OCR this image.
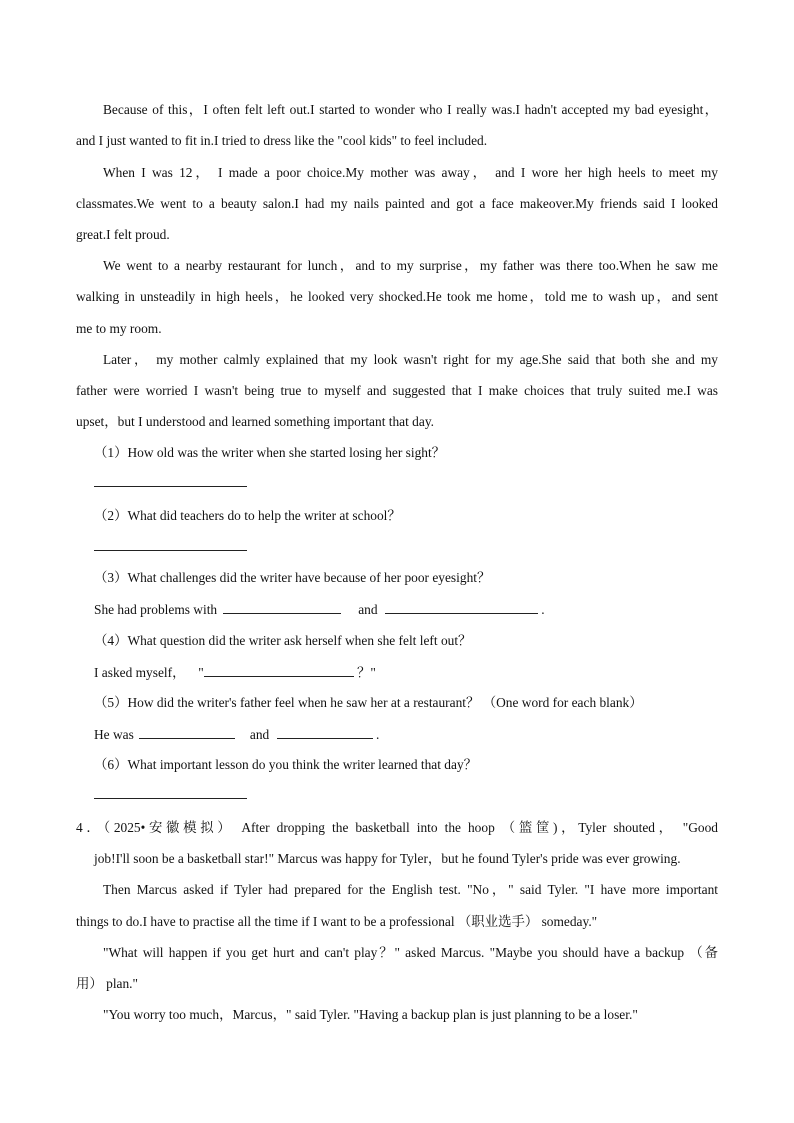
Because of this，I often felt left out.I started to wonder who I really was.I hadn't accepted my bad eyesight，
and I just wanted to fit in.I tried to dress like the "cool kids" to feel included.
When I was 12， I made a poor choice.My mother was away， and I wore her high heels to meet my
classmates.We went to a beauty salon.I had my nails painted and got a face makeover.My friends said I looked
great.I felt proud.
We went to a nearby restaurant for lunch，and to my surprise，my father was there too.When he saw me
walking in unsteadily in high heels，he looked very shocked.He took me home，told me to wash up，and sent
me to my room.
Later， my mother calmly explained that my look wasn't right for my age.She said that both she and my
father were worried I wasn't being true to myself and suggested that I make choices that truly suited me.I was
upset，but I understood and learned something important that day.
（1）How old was the writer when she started losing her sight？
（2）What did teachers do to help the writer at school？
（3）What challenges did the writer have because of her poor eyesight？
She had problems with	and	.
（4）What question did the writer ask herself when she felt left out？
I asked myself， "	？"
（5）How did the writer's father feel when he saw her at a restaurant？ （One word for each blank）
He was	and	.
（6）What important lesson do you think the writer learned that day？
4．（2025•安徽模拟） After dropping the basketball into the hoop （篮筐)，Tyler shouted， "Good
job!I'll soon be a basketball star!" Marcus was happy for Tyler，but he found Tyler's pride was ever growing.
Then Marcus asked if Tyler had prepared for the English test. "No，" said Tyler. "I have more important
things to do.I have to practise all the time if I want to be a professional （职业选手） someday."
"What will happen if you get hurt and can't play？" asked Marcus. "Maybe you should have a backup （备
用） plan."
"You worry too much，Marcus，" said Tyler. "Having a backup plan is just planning to be a loser."
